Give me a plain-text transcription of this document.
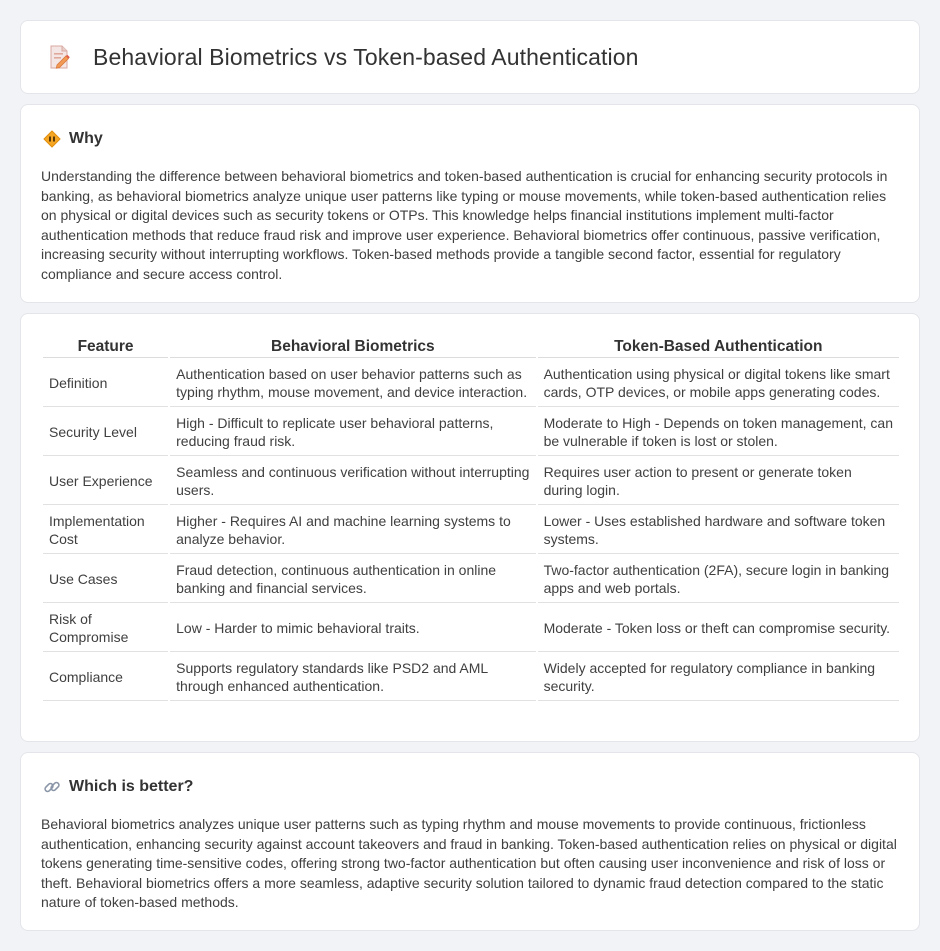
Behavioral Biometrics vs Token-based Authentication
Why

Understanding the difference between behavioral biometrics and token-based authentication is crucial for enhancing security protocols in banking, as behavioral biometrics analyze unique user patterns like typing or mouse movements, while token-based authentication relies on physical or digital devices such as security tokens or OTPs. This knowledge helps financial institutions implement multi-factor authentication methods that reduce fraud risk and improve user experience. Behavioral biometrics offer continuous, passive verification, increasing security without interrupting workflows. Token-based methods provide a tangible second factor, essential for regulatory compliance and secure access control.

Feature	Behavioral Biometrics	Token-Based Authentication
Definition	Authentication based on user behavior patterns such as typing rhythm, mouse movement, and device interaction.	Authentication using physical or digital tokens like smart cards, OTP devices, or mobile apps generating codes.
Security Level	High - Difficult to replicate user behavioral patterns, reducing fraud risk.	Moderate to High - Depends on token management, can be vulnerable if token is lost or stolen.
User Experience	Seamless and continuous verification without interrupting users.	Requires user action to present or generate token during login.
Implementation Cost	Higher - Requires AI and machine learning systems to analyze behavior.	Lower - Uses established hardware and software token systems.
Use Cases	Fraud detection, continuous authentication in online banking and financial services.	Two-factor authentication (2FA), secure login in banking apps and web portals.
Risk of Compromise	Low - Harder to mimic behavioral traits.	Moderate - Token loss or theft can compromise security.
Compliance	Supports regulatory standards like PSD2 and AML through enhanced authentication.	Widely accepted for regulatory compliance in banking security.
Which is better?

Behavioral biometrics analyzes unique user patterns such as typing rhythm and mouse movements to provide continuous, frictionless authentication, enhancing security against account takeovers and fraud in banking. Token-based authentication relies on physical or digital tokens generating time-sensitive codes, offering strong two-factor authentication but often causing user inconvenience and risk of loss or theft. Behavioral biometrics offers a more seamless, adaptive security solution tailored to dynamic fraud detection compared to the static nature of token-based methods.
